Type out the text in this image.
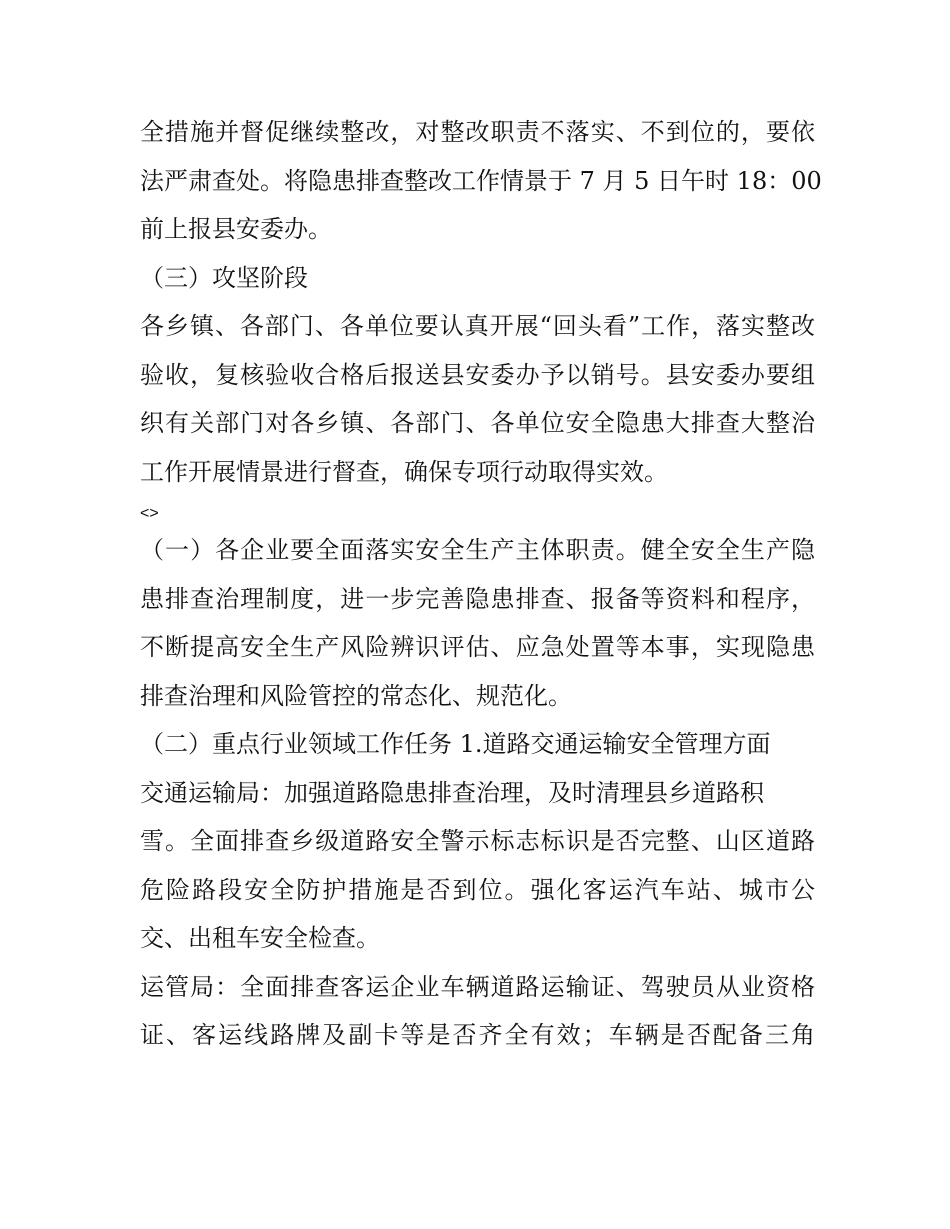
全措施并督促继续整改，对整改职责不落实、不到位的，要依
法严肃查处。将隐患排查整改工作情景于 7 月 5 日午时 18：00
前上报县安委办。
（三）攻坚阶段
各乡镇、各部门、各单位要认真开展“回头看”工作，落实整改
验收，复核验收合格后报送县安委办予以销号。县安委办要组
织有关部门对各乡镇、各部门、各单位安全隐患大排查大整治
工作开展情景进行督查，确保专项行动取得实效。
<>
（一）各企业要全面落实安全生产主体职责。健全安全生产隐
患排查治理制度，进一步完善隐患排查、报备等资料和程序，
不断提高安全生产风险辨识评估、应急处置等本事，实现隐患
排查治理和风险管控的常态化、规范化。
（二）重点行业领域工作任务 1.道路交通运输安全管理方面
交通运输局：加强道路隐患排查治理，及时清理县乡道路积
雪。全面排查乡级道路安全警示标志标识是否完整、山区道路
危险路段安全防护措施是否到位。强化客运汽车站、城市公
交、出租车安全检查。
运管局：全面排查客运企业车辆道路运输证、驾驶员从业资格
证、客运线路牌及副卡等是否齐全有效；车辆是否配备三角
